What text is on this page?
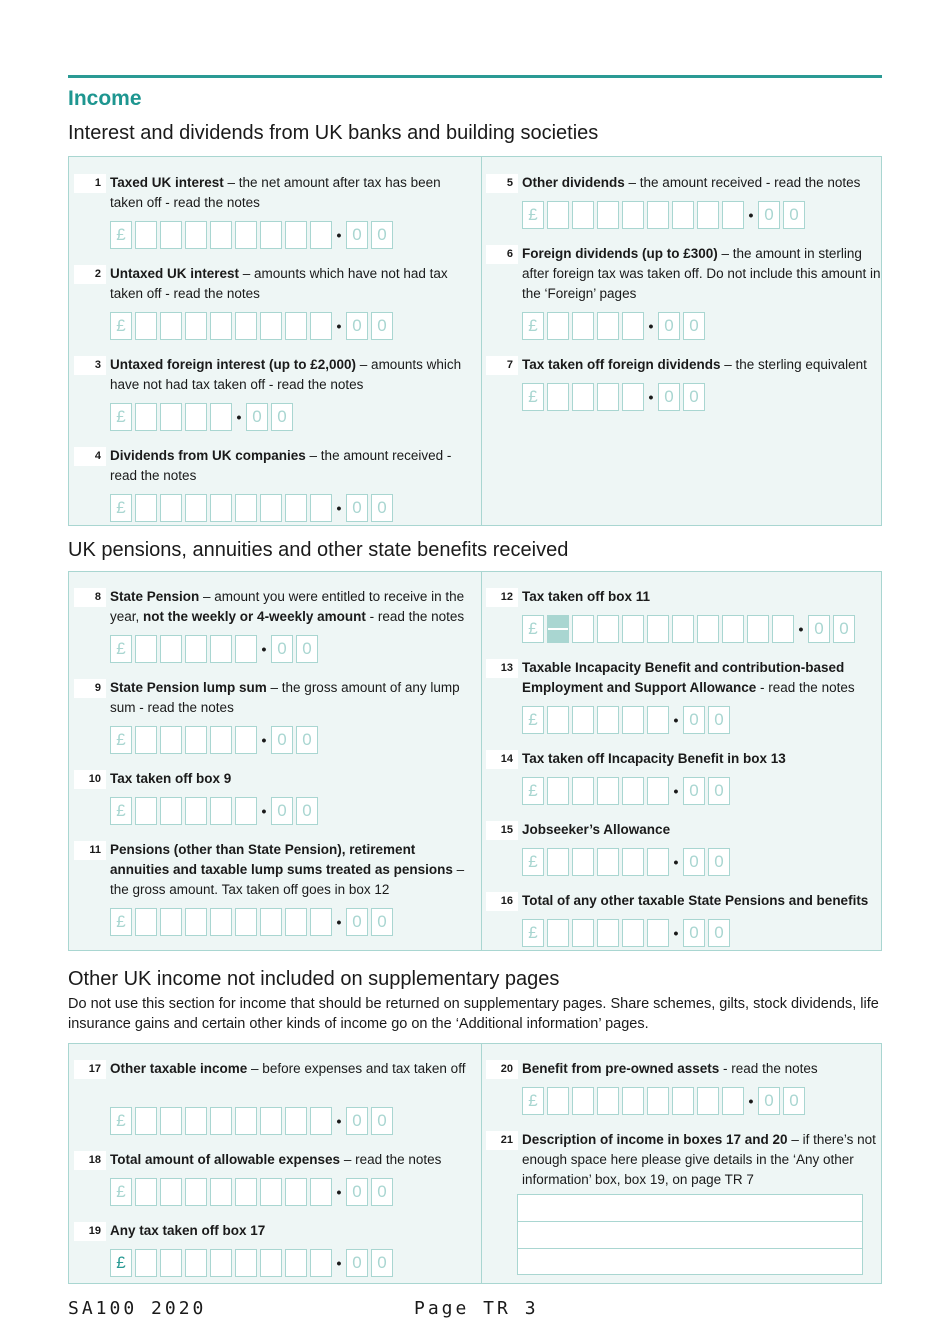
Income
Interest and dividends from UK banks and building societies
1 Taxed UK interest – the net amount after tax has been taken off - read the notes
£	• 0 0
2 Untaxed UK interest – amounts which have not had tax taken off - read the notes
£	• 0 0
3 Untaxed foreign interest (up to £2,000) – amounts which have not had tax taken off - read the notes
£	• 0 0
4 Dividends from UK companies – the amount received - read the notes
£	• 0 0
5 Other dividends – the amount received - read the notes
£	• 0 0
6 Foreign dividends (up to £300) – the amount in sterling after foreign tax was taken off. Do not include this amount in the ‘Foreign’ pages
£	• 0 0
7 Tax taken off foreign dividends – the sterling equivalent
£	• 0 0
UK pensions, annuities and other state benefits received
8 State Pension – amount you were entitled to receive in the year, not the weekly or 4-weekly amount - read the notes
£	• 0 0
9 State Pension lump sum – the gross amount of any lump sum - read the notes
£	• 0 0
10 Tax taken off box 9
£	• 0 0
11 Pensions (other than State Pension), retirement annuities and taxable lump sums treated as pensions – the gross amount. Tax taken off goes in box 12
£	• 0 0
12 Tax taken off box 11
£	• 0 0
13 Taxable Incapacity Benefit and contribution-based Employment and Support Allowance - read the notes
£	• 0 0
14 Tax taken off Incapacity Benefit in box 13
£	• 0 0
15 Jobseeker’s Allowance
£	• 0 0
16 Total of any other taxable State Pensions and benefits
£	• 0 0
Other UK income not included on supplementary pages
Do not use this section for income that should be returned on supplementary pages. Share schemes, gilts, stock dividends, life insurance gains and certain other kinds of income go on the ‘Additional information’ pages.
17 Other taxable income – before expenses and tax taken off
£	• 0 0
18 Total amount of allowable expenses – read the notes
£	• 0 0
19 Any tax taken off box 17
£	• 0 0
20 Benefit from pre-owned assets - read the notes
£	• 0 0
21 Description of income in boxes 17 and 20 – if there’s not enough space here please give details in the ‘Any other information’ box, box 19, on page TR 7
SA100 2020	Page TR 3
